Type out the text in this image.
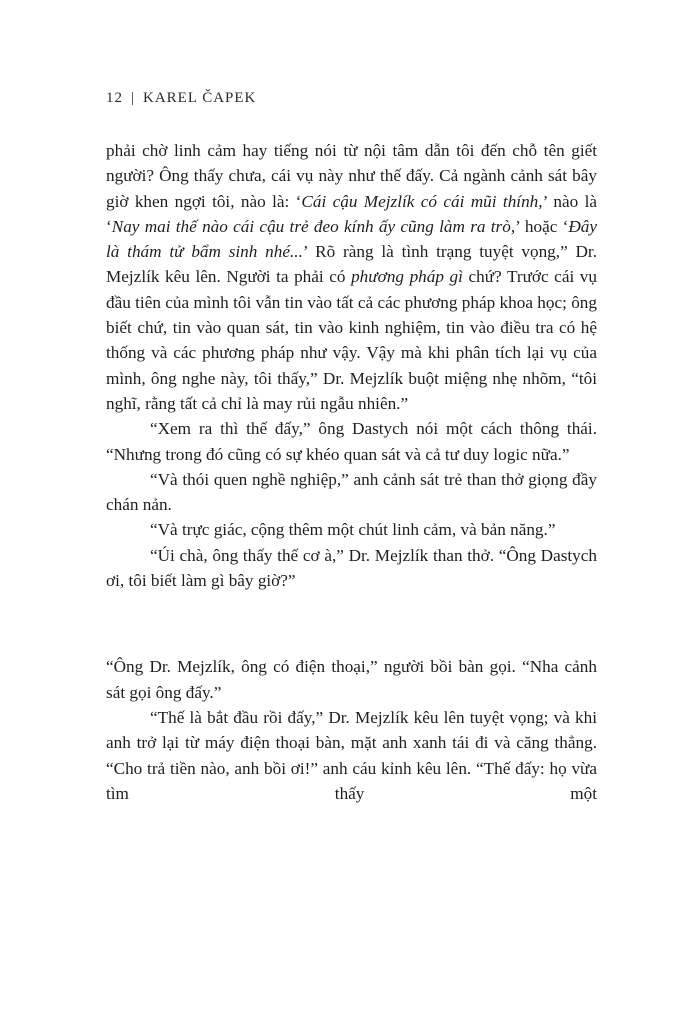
12 | KAREL ČAPEK

phải chờ linh cảm hay tiếng nói từ nội tâm dẫn tôi đến chỗ tên giết người? Ông thấy chưa, cái vụ này như thế đấy. Cả ngành cảnh sát bây giờ khen ngợi tôi, nào là: ‘Cái cậu Mejzlík có cái mũi thính,’ nào là ‘Nay mai thế nào cái cậu trẻ đeo kính ấy cũng làm ra trò,’ hoặc ‘Đây là thám tử bẩm sinh nhé...’ Rõ ràng là tình trạng tuyệt vọng,” Dr. Mejzlík kêu lên. Người ta phải có phương pháp gì chứ? Trước cái vụ đầu tiên của mình tôi vẫn tin vào tất cả các phương pháp khoa học; ông biết chứ, tin vào quan sát, tin vào kinh nghiệm, tin vào điều tra có hệ thống và các phương pháp như vậy. Vậy mà khi phân tích lại vụ của mình, ông nghe này, tôi thấy,” Dr. Mejzlík buột miệng nhẹ nhõm, “tôi nghĩ, rằng tất cả chỉ là may rủi ngẫu nhiên.”

“Xem ra thì thế đấy,” ông Dastych nói một cách thông thái. “Nhưng trong đó cũng có sự khéo quan sát và cả tư duy logic nữa.”

“Và thói quen nghề nghiệp,” anh cảnh sát trẻ than thở giọng đầy chán nản.

“Và trực giác, cộng thêm một chút linh cảm, và bản năng.”

“Úi chà, ông thấy thế cơ à,” Dr. Mejzlík than thở. “Ông Dastych ơi, tôi biết làm gì bây giờ?”

“Ông Dr. Mejzlík, ông có điện thoại,” người bồi bàn gọi. “Nha cảnh sát gọi ông đấy.”

“Thế là bắt đầu rồi đấy,” Dr. Mejzlík kêu lên tuyệt vọng; và khi anh trở lại từ máy điện thoại bàn, mặt anh xanh tái đi và căng thẳng. “Cho trả tiền nào, anh bồi ơi!” anh cáu kỉnh kêu lên. “Thế đấy: họ vừa tìm thấy một
